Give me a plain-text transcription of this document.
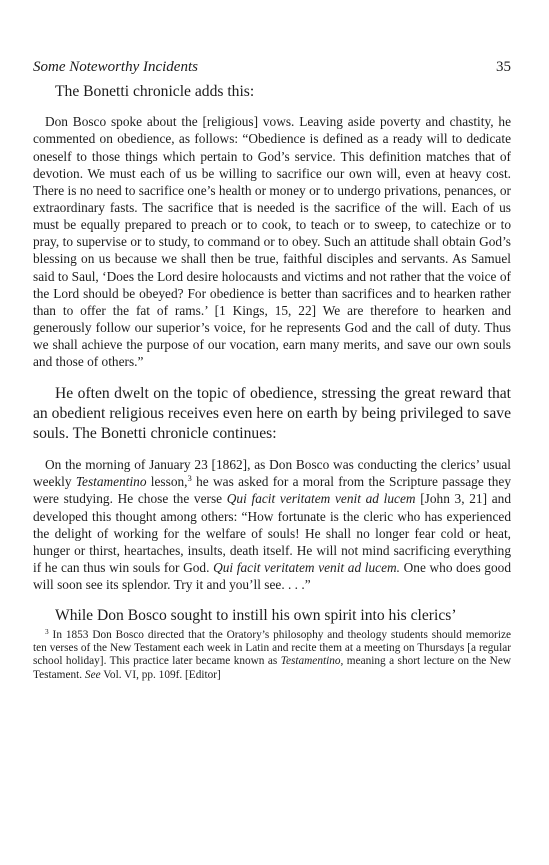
Some Noteworthy Incidents	35

The Bonetti chronicle adds this:

Don Bosco spoke about the [religious] vows. Leaving aside poverty and chastity, he commented on obedience, as follows: “Obedience is defined as a ready will to dedicate oneself to those things which pertain to God’s service. This definition matches that of devotion. We must each of us be willing to sacrifice our own will, even at heavy cost. There is no need to sacrifice one’s health or money or to undergo privations, penances, or extraordinary fasts. The sacrifice that is needed is the sacrifice of the will. Each of us must be equally prepared to preach or to cook, to teach or to sweep, to catechize or to pray, to supervise or to study, to command or to obey. Such an attitude shall obtain God’s blessing on us because we shall then be true, faithful disciples and servants. As Samuel said to Saul, ‘Does the Lord desire holocausts and victims and not rather that the voice of the Lord should be obeyed? For obedience is better than sacrifices and to hearken rather than to offer the fat of rams.’ [1 Kings, 15, 22] We are therefore to hearken and generously follow our superior’s voice, for he represents God and the call of duty. Thus we shall achieve the purpose of our vocation, earn many merits, and save our own souls and those of others.”

He often dwelt on the topic of obedience, stressing the great reward that an obedient religious receives even here on earth by being privileged to save souls. The Bonetti chronicle continues:

On the morning of January 23 [1862], as Don Bosco was conducting the clerics’ usual weekly Testamentino lesson,$^3$ he was asked for a moral from the Scripture passage they were studying. He chose the verse Qui facit veritatem venit ad lucem [John 3, 21] and developed this thought among others: “How fortunate is the cleric who has experienced the delight of working for the welfare of souls! He shall no longer fear cold or heat, hunger or thirst, heartaches, insults, death itself. He will not mind sacrificing everything if he can thus win souls for God. Qui facit veritatem venit ad lucem. One who does good will soon see its splendor. Try it and you’ll see. . . .”

While Don Bosco sought to instill his own spirit into his clerics’

$^3$ In 1853 Don Bosco directed that the Oratory’s philosophy and theology students should memorize ten verses of the New Testament each week in Latin and recite them at a meeting on Thursdays [a regular school holiday]. This practice later became known as Testamentino, meaning a short lecture on the New Testament. See Vol. VI, pp. 109f. [Editor]
